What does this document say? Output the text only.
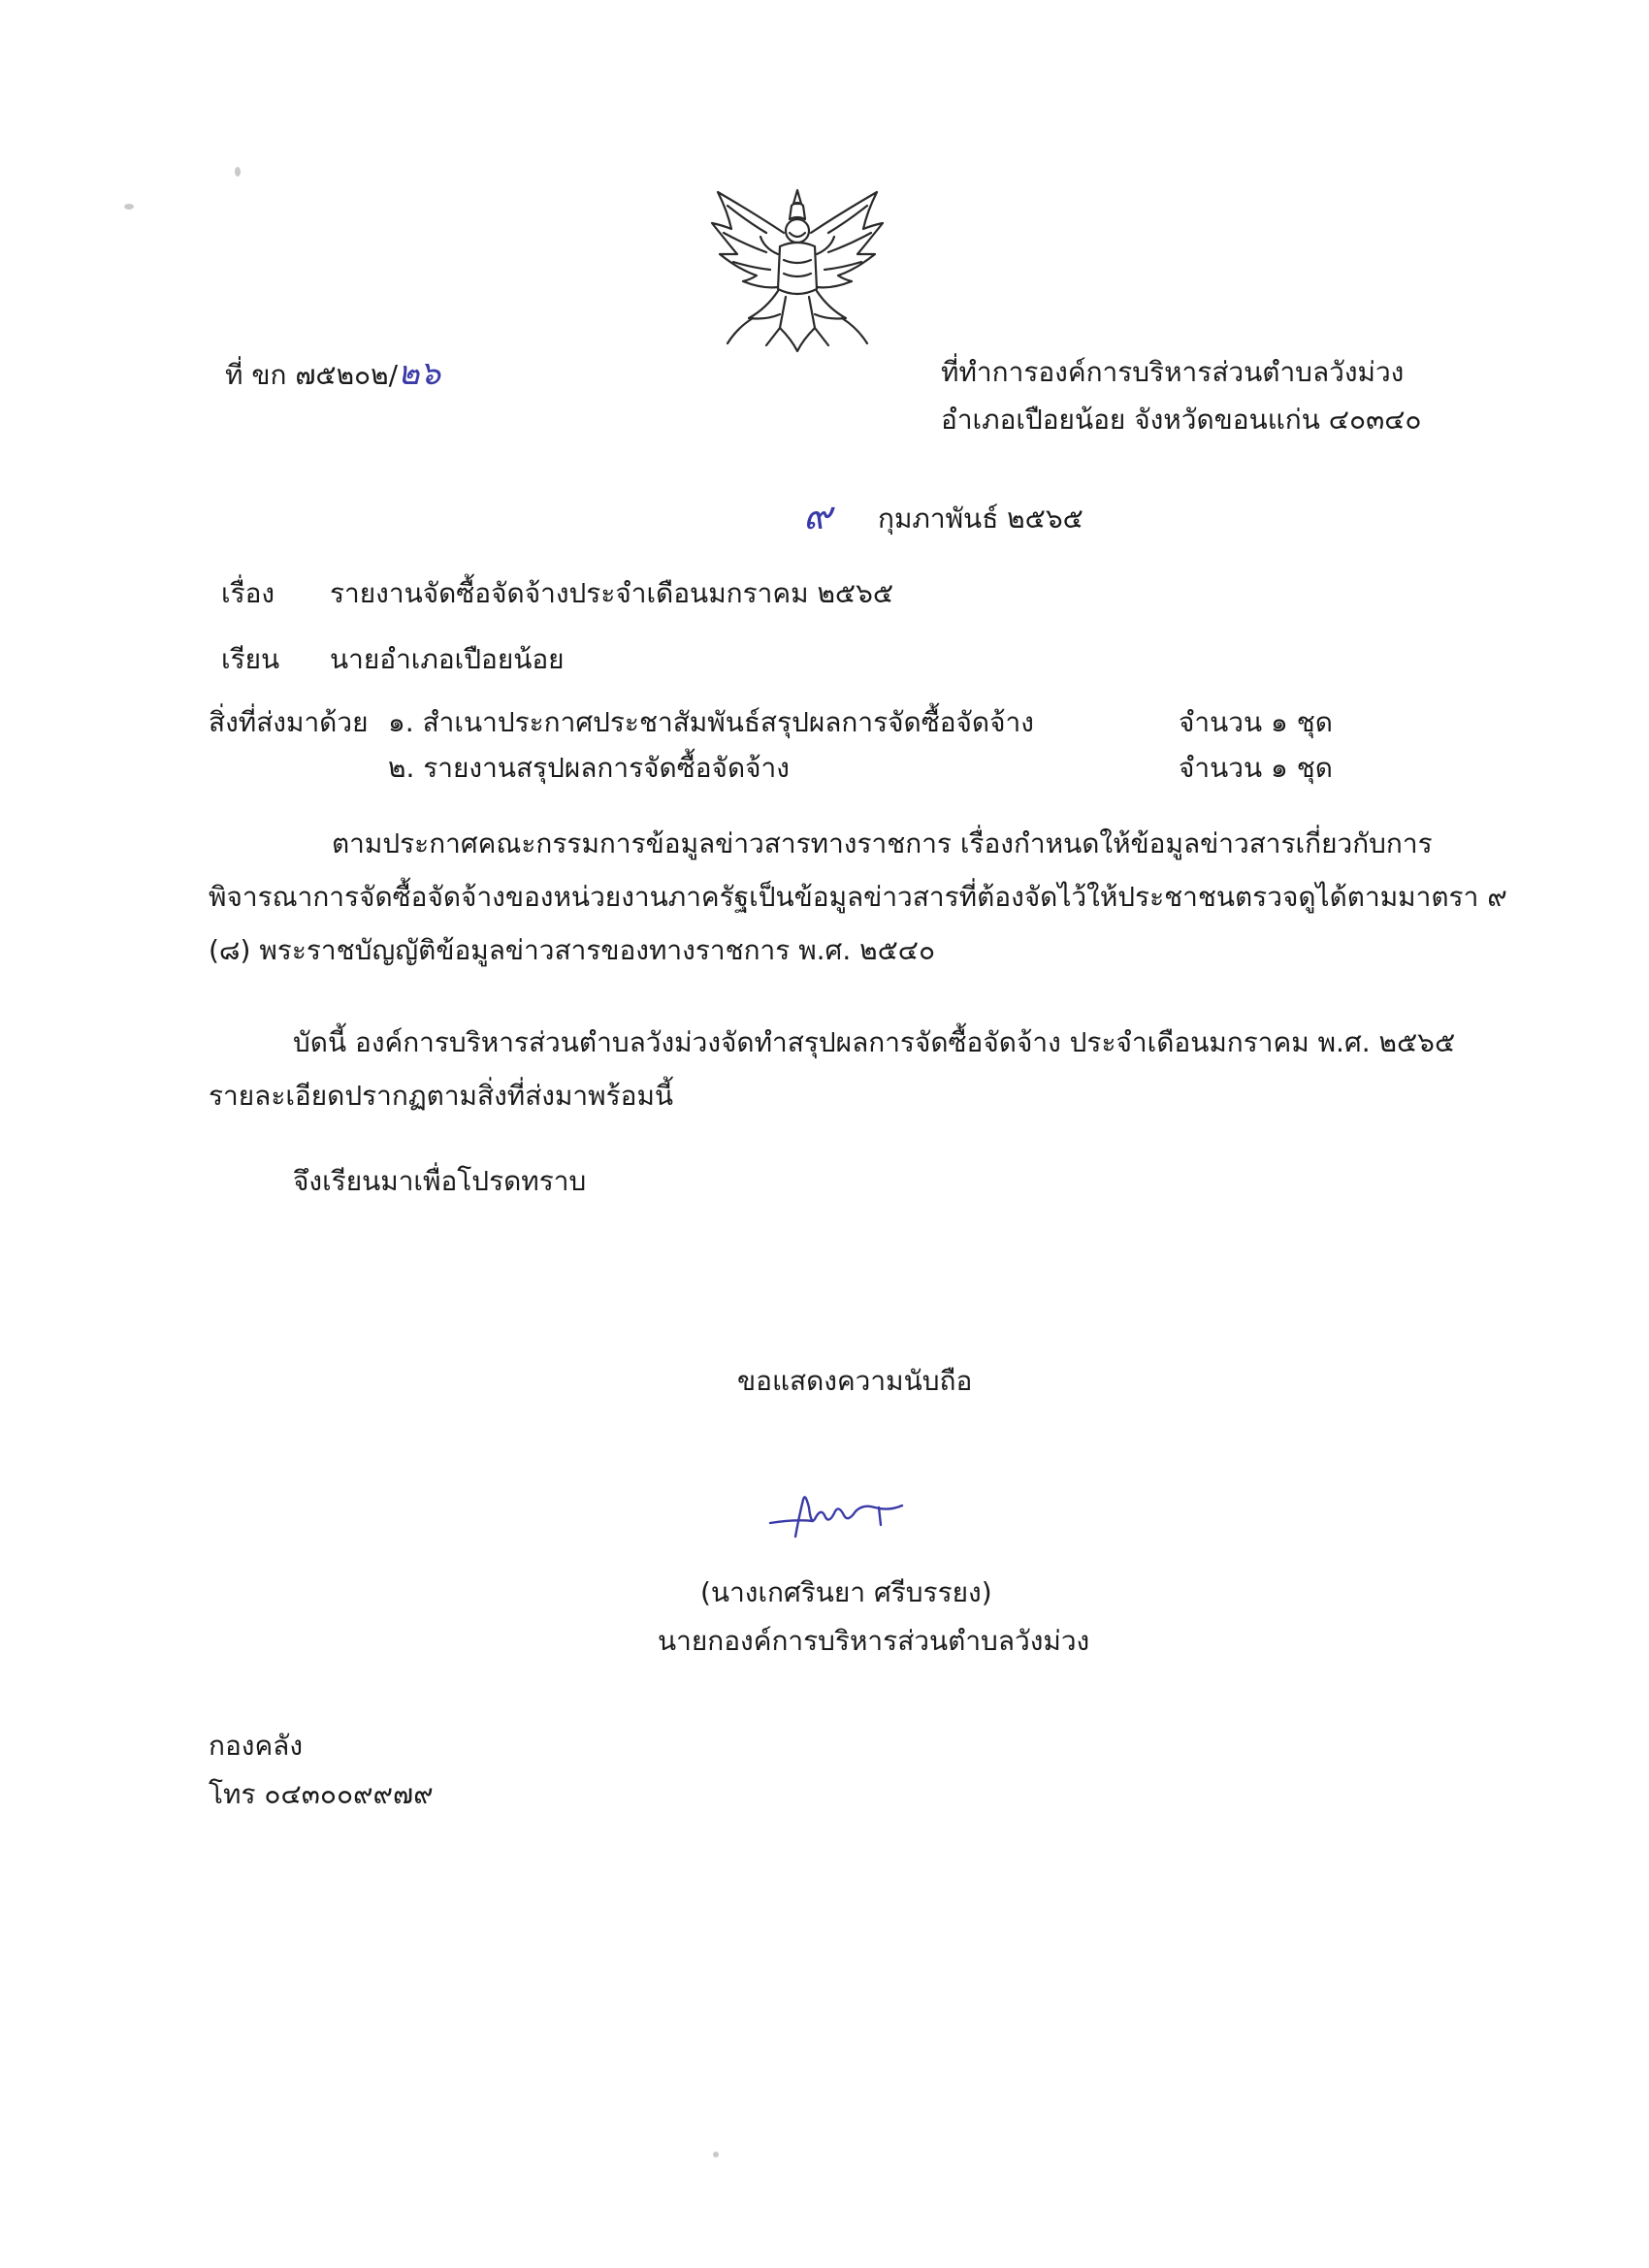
ที่ ขก ๗๕๒๐๒/๒๖	ที่ทำการองค์การบริหารส่วนตำบลวังม่วง
อำเภอเปือยน้อย จังหวัดขอนแก่น ๔๐๓๔๐
๙ กุมภาพันธ์ ๒๕๖๕
เรื่อง รายงานจัดซื้อจัดจ้างประจำเดือนมกราคม ๒๕๖๕
เรียน นายอำเภอเปือยน้อย
สิ่งที่ส่งมาด้วย ๑. สำเนาประกาศประชาสัมพันธ์สรุปผลการจัดซื้อจัดจ้าง	จำนวน ๑ ชุด
๒. รายงานสรุปผลการจัดซื้อจัดจ้าง	จำนวน ๑ ชุด
ตามประกาศคณะกรรมการข้อมูลข่าวสารทางราชการ เรื่องกำหนดให้ข้อมูลข่าวสารเกี่ยวกับการ
พิจารณาการจัดซื้อจัดจ้างของหน่วยงานภาครัฐเป็นข้อมูลข่าวสารที่ต้องจัดไว้ให้ประชาชนตรวจดูได้ตามมาตรา ๙
(๘) พระราชบัญญัติข้อมูลข่าวสารของทางราชการ พ.ศ. ๒๕๔๐
บัดนี้ องค์การบริหารส่วนตำบลวังม่วงจัดทำสรุปผลการจัดซื้อจัดจ้าง ประจำเดือนมกราคม พ.ศ. ๒๕๖๕
รายละเอียดปรากฏตามสิ่งที่ส่งมาพร้อมนี้
จึงเรียนมาเพื่อโปรดทราบ
ขอแสดงความนับถือ
(นางเกศรินยา ศรีบรรยง)
นายกองค์การบริหารส่วนตำบลวังม่วง
กองคลัง
โทร ๐๔๓๐๐๙๙๗๙
